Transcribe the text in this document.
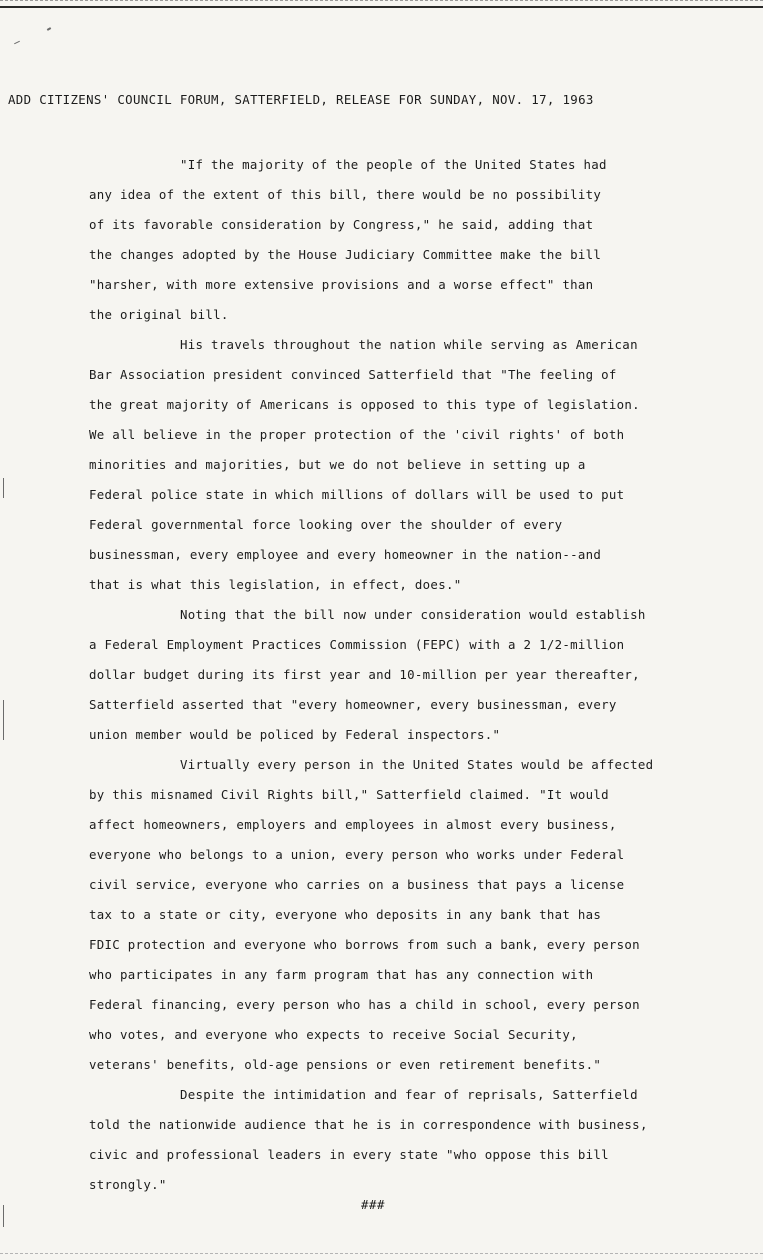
ADD CITIZENS' COUNCIL FORUM, SATTERFIELD, RELEASE FOR SUNDAY, NOV. 17, 1963
"If the majority of the people of the United States had
any idea of the extent of this bill, there would be no possibility
of its favorable consideration by Congress," he said, adding that
the changes adopted by the House Judiciary Committee make the bill
"harsher, with more extensive provisions and a worse effect" than
the original bill.
His travels throughout the nation while serving as American
Bar Association president convinced Satterfield that "The feeling of
the great majority of Americans is opposed to this type of legislation.
We all believe in the proper protection of the 'civil rights' of both
minorities and majorities, but we do not believe in setting up a
Federal police state in which millions of dollars will be used to put
Federal governmental force looking over the shoulder of every
businessman, every employee and every homeowner in the nation--and
that is what this legislation, in effect, does."
Noting that the bill now under consideration would establish
a Federal Employment Practices Commission (FEPC) with a 2 1/2-million
dollar budget during its first year and 10-million per year thereafter,
Satterfield asserted that "every homeowner, every businessman, every
union member would be policed by Federal inspectors."
Virtually every person in the United States would be affected
by this misnamed Civil Rights bill," Satterfield claimed. "It would
affect homeowners, employers and employees in almost every business,
everyone who belongs to a union, every person who works under Federal
civil service, everyone who carries on a business that pays a license
tax to a state or city, everyone who deposits in any bank that has
FDIC protection and everyone who borrows from such a bank, every person
who participates in any farm program that has any connection with
Federal financing, every person who has a child in school, every person
who votes, and everyone who expects to receive Social Security,
veterans' benefits, old-age pensions or even retirement benefits."
Despite the intimidation and fear of reprisals, Satterfield
told the nationwide audience that he is in correspondence with business,
civic and professional leaders in every state "who oppose this bill
strongly."
###
